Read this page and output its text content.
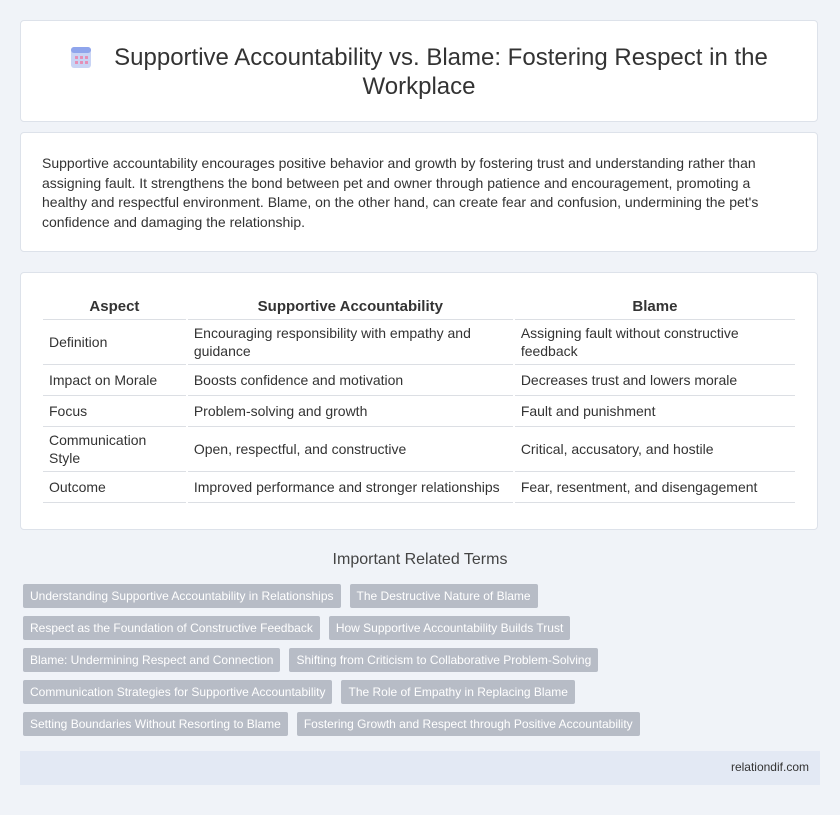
Supportive Accountability vs. Blame: Fostering Respect in the Workplace

Supportive accountability encourages positive behavior and growth by fostering trust and understanding rather than assigning fault. It strengthens the bond between pet and owner through patience and encouragement, promoting a healthy and respectful environment. Blame, on the other hand, can create fear and confusion, undermining the pet's confidence and damaging the relationship.

Aspect	Supportive Accountability	Blame
Definition	Encouraging responsibility with empathy and guidance	Assigning fault without constructive feedback
Impact on Morale	Boosts confidence and motivation	Decreases trust and lowers morale
Focus	Problem-solving and growth	Fault and punishment
Communication Style	Open, respectful, and constructive	Critical, accusatory, and hostile
Outcome	Improved performance and stronger relationships	Fear, resentment, and disengagement
Important Related Terms
Understanding Supportive Accountability in Relationships The Destructive Nature of Blame
Respect as the Foundation of Constructive Feedback How Supportive Accountability Builds Trust
Blame: Undermining Respect and Connection Shifting from Criticism to Collaborative Problem-Solving
Communication Strategies for Supportive Accountability The Role of Empathy in Replacing Blame
Setting Boundaries Without Resorting to Blame Fostering Growth and Respect through Positive Accountability
relationdif.com
